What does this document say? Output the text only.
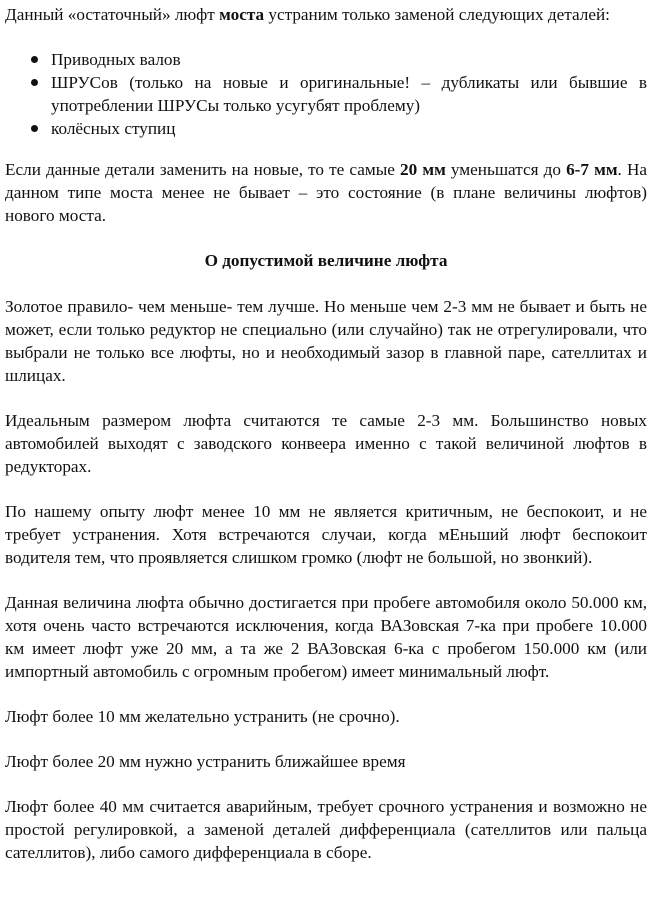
Данный «остаточный» люфт моста устраним только заменой следующих деталей:

Приводных валов
ШРУСов (только на новые и оригинальные! – дубликаты или бывшие в употреблении ШРУСы только усугубят проблему)
колёсных ступиц

Если данные детали заменить на новые, то те самые 20 мм уменьшатся до 6-7 мм. На данном типе моста менее не бывает – это состояние (в плане величины люфтов) нового моста.

О допустимой величине люфта

Золотое правило- чем меньше- тем лучше. Но меньше чем 2-3 мм не бывает и быть не может, если только редуктор не специально (или случайно) так не отрегулировали, что выбрали не только все люфты, но и необходимый зазор в главной паре, сателлитах и шлицах.

Идеальным размером люфта считаются те самые 2-3 мм. Большинство новых автомобилей выходят с заводского конвеера именно с такой величиной люфтов в редукторах.

По нашему опыту люфт менее 10 мм не является критичным, не беспокоит, и не требует устранения. Хотя встречаются случаи, когда мЕньший люфт беспокоит водителя тем, что проявляется слишком громко (люфт не большой, но звонкий).

Данная величина люфта обычно достигается при пробеге автомобиля около 50.000 км, хотя очень часто встречаются исключения, когда ВАЗовская 7-ка при пробеге 10.000 км имеет люфт уже 20 мм, а та же 2 ВАЗовская 6-ка с пробегом 150.000 км (или импортный автомобиль с огромным пробегом) имеет минимальный люфт.

Люфт более 10 мм желательно устранить (не срочно).

Люфт более 20 мм нужно устранить ближайшее время

Люфт более 40 мм считается аварийным, требует срочного устранения и возможно не простой регулировкой, а заменой деталей дифференциала (сателлитов или пальца сателлитов), либо самого дифференциала в сборе.
